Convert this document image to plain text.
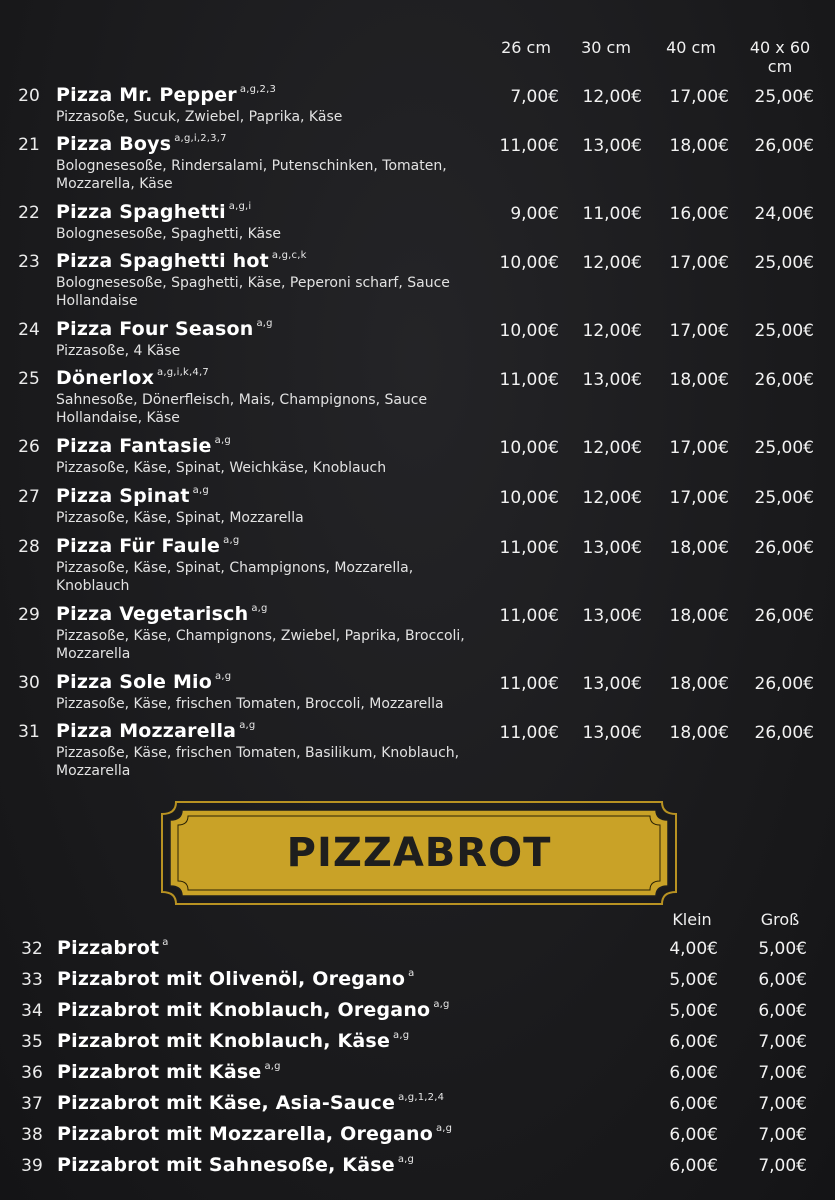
26 cm	30 cm	40 cm	40 x 60 cm
20 Pizza Mr. Pepper $^{a,g,2,3}$
Pizzasoße, Sucuk, Zwiebel, Paprika, Käse
7,00€ 12,00€ 17,00€ 25,00€
21 Pizza Boys $^{a,g,i,2,3,7}$
Bolognesesoße, Rindersalami, Putenschinken, Tomaten, Mozzarella, Käse
11,00€ 13,00€ 18,00€ 26,00€
22 Pizza Spaghetti $^{a,g,i}$
Bolognesesoße, Spaghetti, Käse
9,00€ 11,00€ 16,00€ 24,00€
23 Pizza Spaghetti hot $^{a,g,c,k}$
Bolognesesoße, Spaghetti, Käse, Peperoni scharf, Sauce Hollandaise
10,00€ 12,00€ 17,00€ 25,00€
24 Pizza Four Season $^{a,g}$
Pizzasoße, 4 Käse
10,00€ 12,00€ 17,00€ 25,00€
25 Dönerlox $^{a,g,i,k,4,7}$
Sahnesoße, Dönerfleisch, Mais, Champignons, Sauce Hollandaise, Käse
11,00€ 13,00€ 18,00€ 26,00€
26 Pizza Fantasie $^{a,g}$
Pizzasoße, Käse, Spinat, Weichkäse, Knoblauch
10,00€ 12,00€ 17,00€ 25,00€
27 Pizza Spinat $^{a,g}$
Pizzasoße, Käse, Spinat, Mozzarella
10,00€ 12,00€ 17,00€ 25,00€
28 Pizza Für Faule $^{a,g}$
Pizzasoße, Käse, Spinat, Champignons, Mozzarella, Knoblauch
11,00€ 13,00€ 18,00€ 26,00€
29 Pizza Vegetarisch $^{a,g}$
Pizzasoße, Käse, Champignons, Zwiebel, Paprika, Broccoli, Mozzarella
11,00€ 13,00€ 18,00€ 26,00€
30 Pizza Sole Mio $^{a,g}$
Pizzasoße, Käse, frischen Tomaten, Broccoli, Mozzarella
11,00€ 13,00€ 18,00€ 26,00€
31 Pizza Mozzarella $^{a,g}$
Pizzasoße, Käse, frischen Tomaten, Basilikum, Knoblauch, Mozzarella
11,00€ 13,00€ 18,00€ 26,00€
PIZZABROT
Klein	Groß
32 Pizzabrot $^a$	4,00€ 5,00€
33 Pizzabrot mit Olivenöl, Oregano $^a$	5,00€ 6,00€
34 Pizzabrot mit Knoblauch, Oregano $^{a,g}$	5,00€ 6,00€
35 Pizzabrot mit Knoblauch, Käse $^{a,g}$	6,00€ 7,00€
36 Pizzabrot mit Käse $^{a,g}$	6,00€ 7,00€
37 Pizzabrot mit Käse, Asia-Sauce $^{a,g,1,2,4}$	6,00€ 7,00€
38 Pizzabrot mit Mozzarella, Oregano $^{a,g}$	6,00€ 7,00€
39 Pizzabrot mit Sahnesoße, Käse $^{a,g}$	6,00€ 7,00€
